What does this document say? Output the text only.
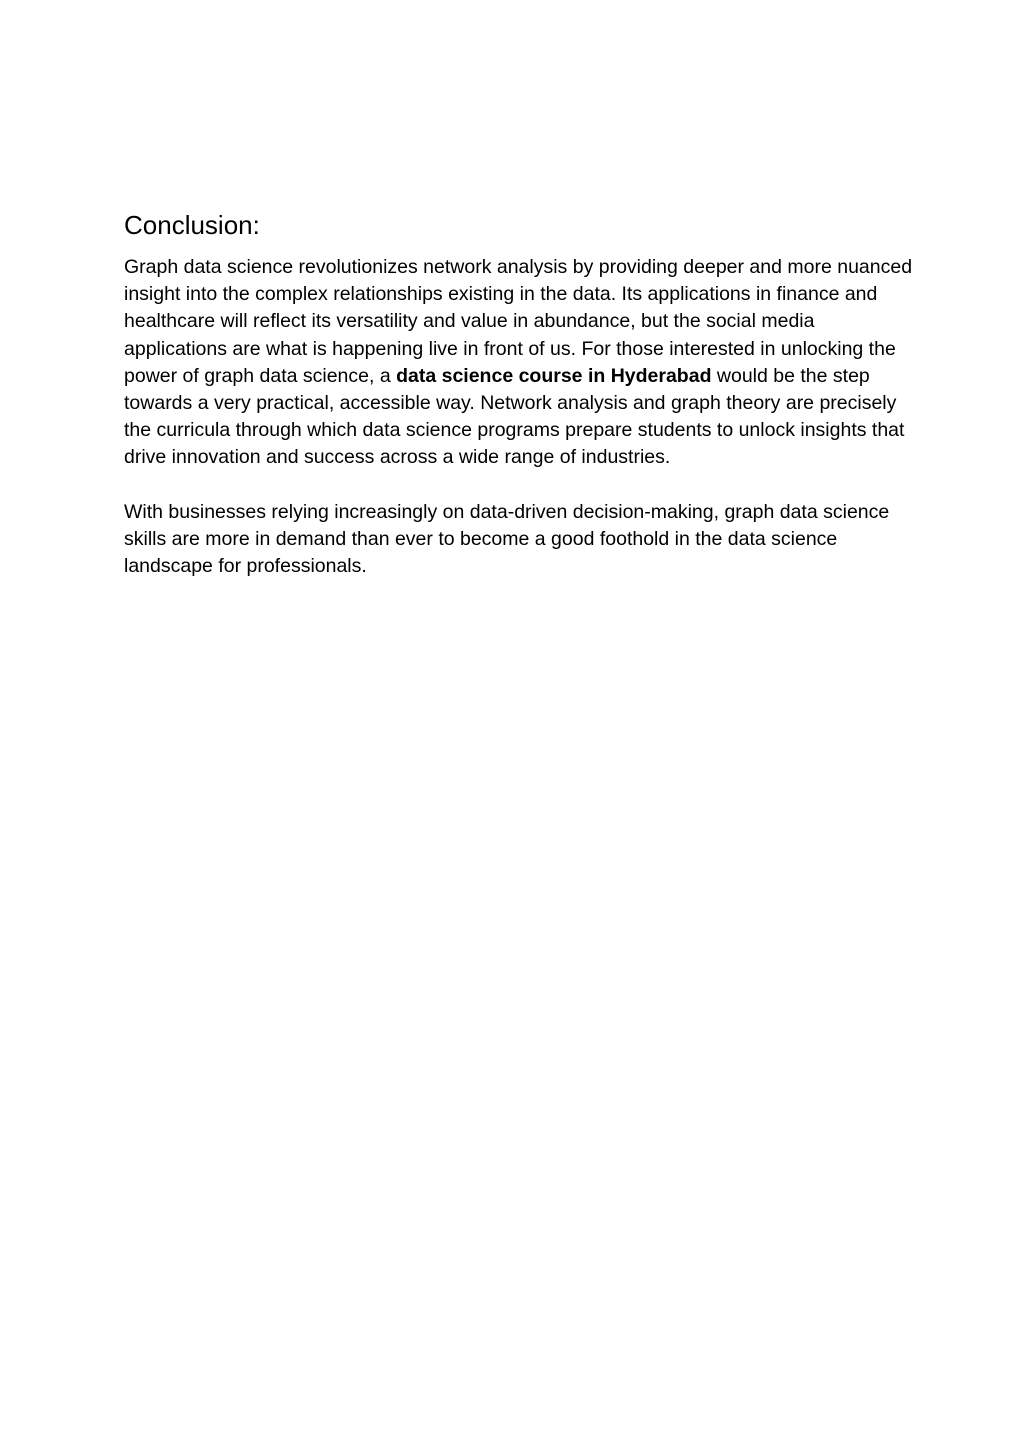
Conclusion:

Graph data science revolutionizes network analysis by providing deeper and more nuanced insight into the complex relationships existing in the data. Its applications in finance and healthcare will reflect its versatility and value in abundance, but the social media applications are what is happening live in front of us. For those interested in unlocking the power of graph data science, a data science course in Hyderabad would be the step towards a very practical, accessible way. Network analysis and graph theory are precisely the curricula through which data science programs prepare students to unlock insights that drive innovation and success across a wide range of industries.

With businesses relying increasingly on data-driven decision-making, graph data science skills are more in demand than ever to become a good foothold in the data science landscape for professionals.
